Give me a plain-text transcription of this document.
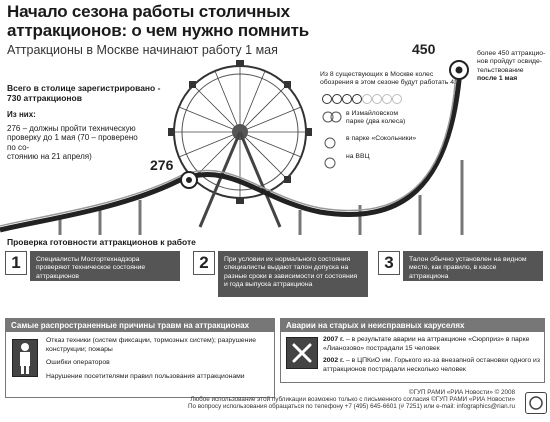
Начало сезона работы столичных аттракционов: о чем нужно помнить
Аттракционы в Москве начинают работу 1 мая
Всего в столице зарегистрировано -
730 аттракционов
Из них:
276 – должны пройти техническую
проверку до 1 мая (70 – проверено по со-
стоянию на 21 апреля)
276
450	более 450 аттракцио-
нов пройдут освиде-
тельствование
после 1 мая
Из 8 существующих в Москве колес
обозрения в этом сезоне будут работать 4:
в Измайловском
парке (два колеса)
в парке «Сокольники»
на ВВЦ
Проверка готовности аттракционов к работе
1	Специалисты Мосгортехнадзора проверяют техническое состояние аттракционов
2	При условии их нормального состояния специалисты выдают талон допуска на разные сроки в зависимости от состояния и года выпуска аттракциона
3	Талон обычно установлен на видном месте, как правило, в кассе аттракциона
Самые распространенные причины травм на аттракционах
Отказ техники (систем фиксации, тормозных систем); разрушение конструкции; пожары
Ошибки операторов
Нарушение посетителями правил пользования аттракционами
Аварии на старых и неисправных каруселях
2007 г. – в результате аварии на аттракционе «Сюрприз» в парке «Лианозово» пострадали 15 человек
2002 г. – в ЦПКиО им. Горького из-за внезапной остановки одного из аттракционов пострадали несколько человек
©ГУП РАМИ «РИА Новости» © 2008
Любое использование этой публикации возможно только с письменного согласия ©ГУП РАМИ «РИА Новости»
По вопросу использования обращаться по телефону +7 (495) 645-6601 (# 7251) или e-mail: infographics@rian.ru
